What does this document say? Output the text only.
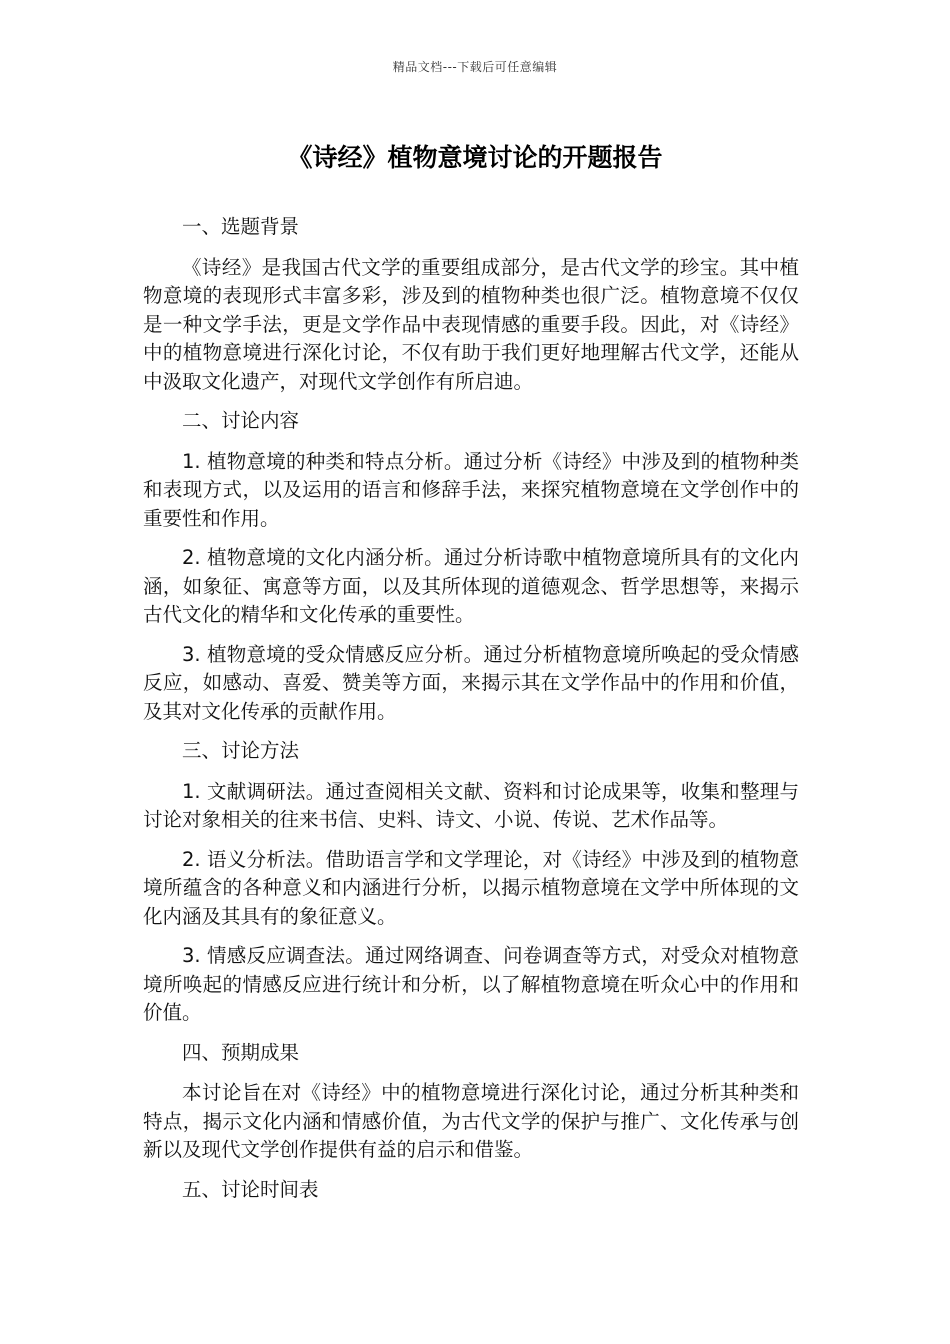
精品文档---下载后可任意编辑
《诗经》植物意境讨论的开题报告

一、选题背景

《诗经》是我国古代文学的重要组成部分，是古代文学的珍宝。其中植物意境的表现形式丰富多彩，涉及到的植物种类也很广泛。植物意境不仅仅是一种文学手法，更是文学作品中表现情感的重要手段。因此，对《诗经》中的植物意境进行深化讨论，不仅有助于我们更好地理解古代文学，还能从中汲取文化遗产，对现代文学创作有所启迪。

二、讨论内容

1. 植物意境的种类和特点分析。通过分析《诗经》中涉及到的植物种类和表现方式，以及运用的语言和修辞手法，来探究植物意境在文学创作中的重要性和作用。

2. 植物意境的文化内涵分析。通过分析诗歌中植物意境所具有的文化内涵，如象征、寓意等方面，以及其所体现的道德观念、哲学思想等，来揭示古代文化的精华和文化传承的重要性。

3. 植物意境的受众情感反应分析。通过分析植物意境所唤起的受众情感反应，如感动、喜爱、赞美等方面，来揭示其在文学作品中的作用和价值，及其对文化传承的贡献作用。

三、讨论方法

1. 文献调研法。通过查阅相关文献、资料和讨论成果等，收集和整理与讨论对象相关的往来书信、史料、诗文、小说、传说、艺术作品等。

2. 语义分析法。借助语言学和文学理论，对《诗经》中涉及到的植物意境所蕴含的各种意义和内涵进行分析，以揭示植物意境在文学中所体现的文化内涵及其具有的象征意义。

3. 情感反应调查法。通过网络调查、问卷调查等方式，对受众对植物意境所唤起的情感反应进行统计和分析，以了解植物意境在听众心中的作用和价值。

四、预期成果

本讨论旨在对《诗经》中的植物意境进行深化讨论，通过分析其种类和特点，揭示文化内涵和情感价值，为古代文学的保护与推广、文化传承与创新以及现代文学创作提供有益的启示和借鉴。

五、讨论时间表
